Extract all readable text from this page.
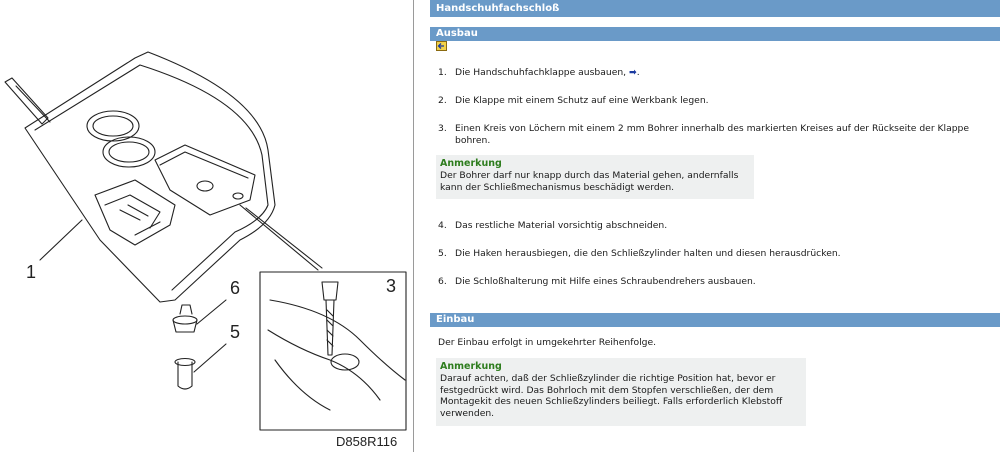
1
6
5
3
D858R116
Handschuhfachschloß
Ausbau
1. Die Handschuhfachklappe ausbauen, ➡.
2. Die Klappe mit einem Schutz auf eine Werkbank legen.
3. Einen Kreis von Löchern mit einem 2 mm Bohrer innerhalb des markierten Kreises auf der Rückseite der Klappe bohren.
Anmerkung
Der Bohrer darf nur knapp durch das Material gehen, andernfalls kann der Schließmechanismus beschädigt werden.
4. Das restliche Material vorsichtig abschneiden.
5. Die Haken herausbiegen, die den Schließzylinder halten und diesen herausdrücken.
6. Die Schloßhalterung mit Hilfe eines Schraubendrehers ausbauen.
Einbau
Der Einbau erfolgt in umgekehrter Reihenfolge.
Anmerkung
Darauf achten, daß der Schließzylinder die richtige Position hat, bevor er festgedrückt wird. Das Bohrloch mit dem Stopfen verschließen, der dem Montagekit des neuen Schließzylinders beiliegt. Falls erforderlich Klebstoff verwenden.
